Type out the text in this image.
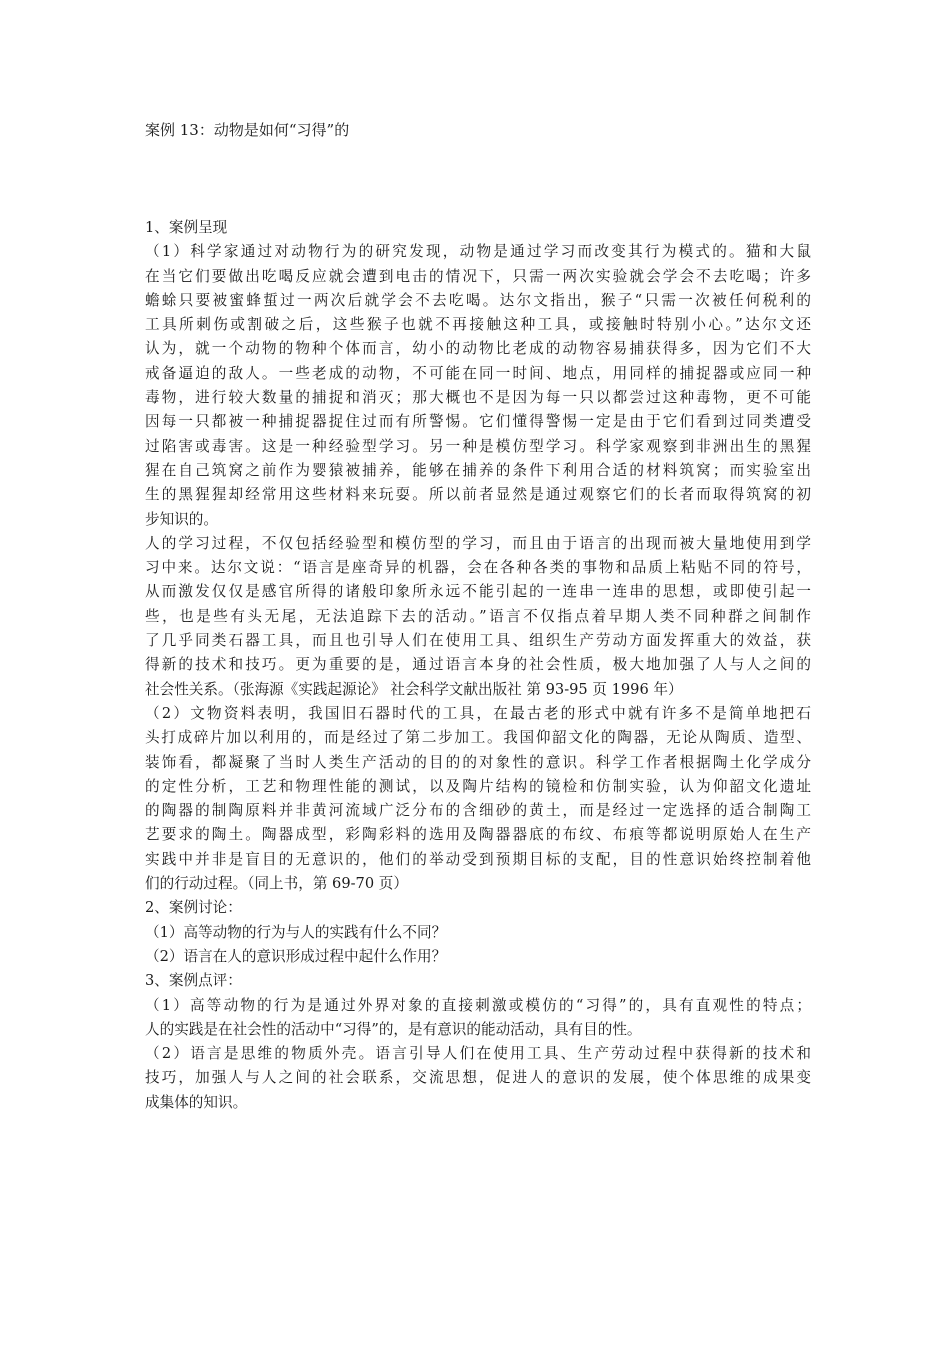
案例 13：动物是如何“习得”的
1、案例呈现
（1）科学家通过对动物行为的研究发现，动物是通过学习而改变其行为模式的。猫和大鼠
在当它们要做出吃喝反应就会遭到电击的情况下，只需一两次实验就会学会不去吃喝；许多
蟾蜍只要被蜜蜂蜇过一两次后就学会不去吃喝。达尔文指出，猴子“只需一次被任何税利的
工具所刺伤或割破之后，这些猴子也就不再接触这种工具，或接触时特别小心。”达尔文还
认为，就一个动物的物种个体而言，幼小的动物比老成的动物容易捕获得多，因为它们不大
戒备逼迫的敌人。一些老成的动物，不可能在同一时间、地点，用同样的捕捉器或应同一种
毒物，进行较大数量的捕捉和消灭；那大概也不是因为每一只以都尝过这种毒物，更不可能
因每一只都被一种捕捉器捉住过而有所警惕。它们懂得警惕一定是由于它们看到过同类遭受
过陷害或毒害。这是一种经验型学习。另一种是模仿型学习。科学家观察到非洲出生的黑猩
猩在自己筑窝之前作为婴猿被捕养，能够在捕养的条件下利用合适的材料筑窝；而实验室出
生的黑猩猩却经常用这些材料来玩耍。所以前者显然是通过观察它们的长者而取得筑窝的初
步知识的。
人的学习过程，不仅包括经验型和模仿型的学习，而且由于语言的出现而被大量地使用到学
习中来。达尔文说：“语言是座奇异的机器，会在各种各类的事物和品质上粘贴不同的符号，
从而激发仅仅是感官所得的诸般印象所永远不能引起的一连串一连串的思想，或即使引起一
些，也是些有头无尾，无法追踪下去的活动。”语言不仅指点着早期人类不同种群之间制作
了几乎同类石器工具，而且也引导人们在使用工具、组织生产劳动方面发挥重大的效益，获
得新的技术和技巧。更为重要的是，通过语言本身的社会性质，极大地加强了人与人之间的
社会性关系。（张海源《实践起源论》 社会科学文献出版社 第 93-95 页 1996 年）
（2）文物资料表明，我国旧石器时代的工具，在最古老的形式中就有许多不是简单地把石
头打成碎片加以利用的，而是经过了第二步加工。我国仰韶文化的陶器，无论从陶质、造型、
装饰看，都凝聚了当时人类生产活动的目的的对象性的意识。科学工作者根据陶土化学成分
的定性分析，工艺和物理性能的测试，以及陶片结构的镜检和仿制实验，认为仰韶文化遗址
的陶器的制陶原料并非黄河流域广泛分布的含细砂的黄土，而是经过一定选择的适合制陶工
艺要求的陶土。陶器成型，彩陶彩料的选用及陶器器底的布纹、布痕等都说明原始人在生产
实践中并非是盲目的无意识的，他们的举动受到预期目标的支配，目的性意识始终控制着他
们的行动过程。（同上书，第 69-70 页）
2、案例讨论：
（1）高等动物的行为与人的实践有什么不同？
（2）语言在人的意识形成过程中起什么作用？
3、案例点评：
（1）高等动物的行为是通过外界对象的直接刺激或模仿的“习得”的，具有直观性的特点；
人的实践是在社会性的活动中“习得”的，是有意识的能动活动，具有目的性。
（2）语言是思维的物质外壳。语言引导人们在使用工具、生产劳动过程中获得新的技术和
技巧，加强人与人之间的社会联系，交流思想，促进人的意识的发展，使个体思维的成果变
成集体的知识。
